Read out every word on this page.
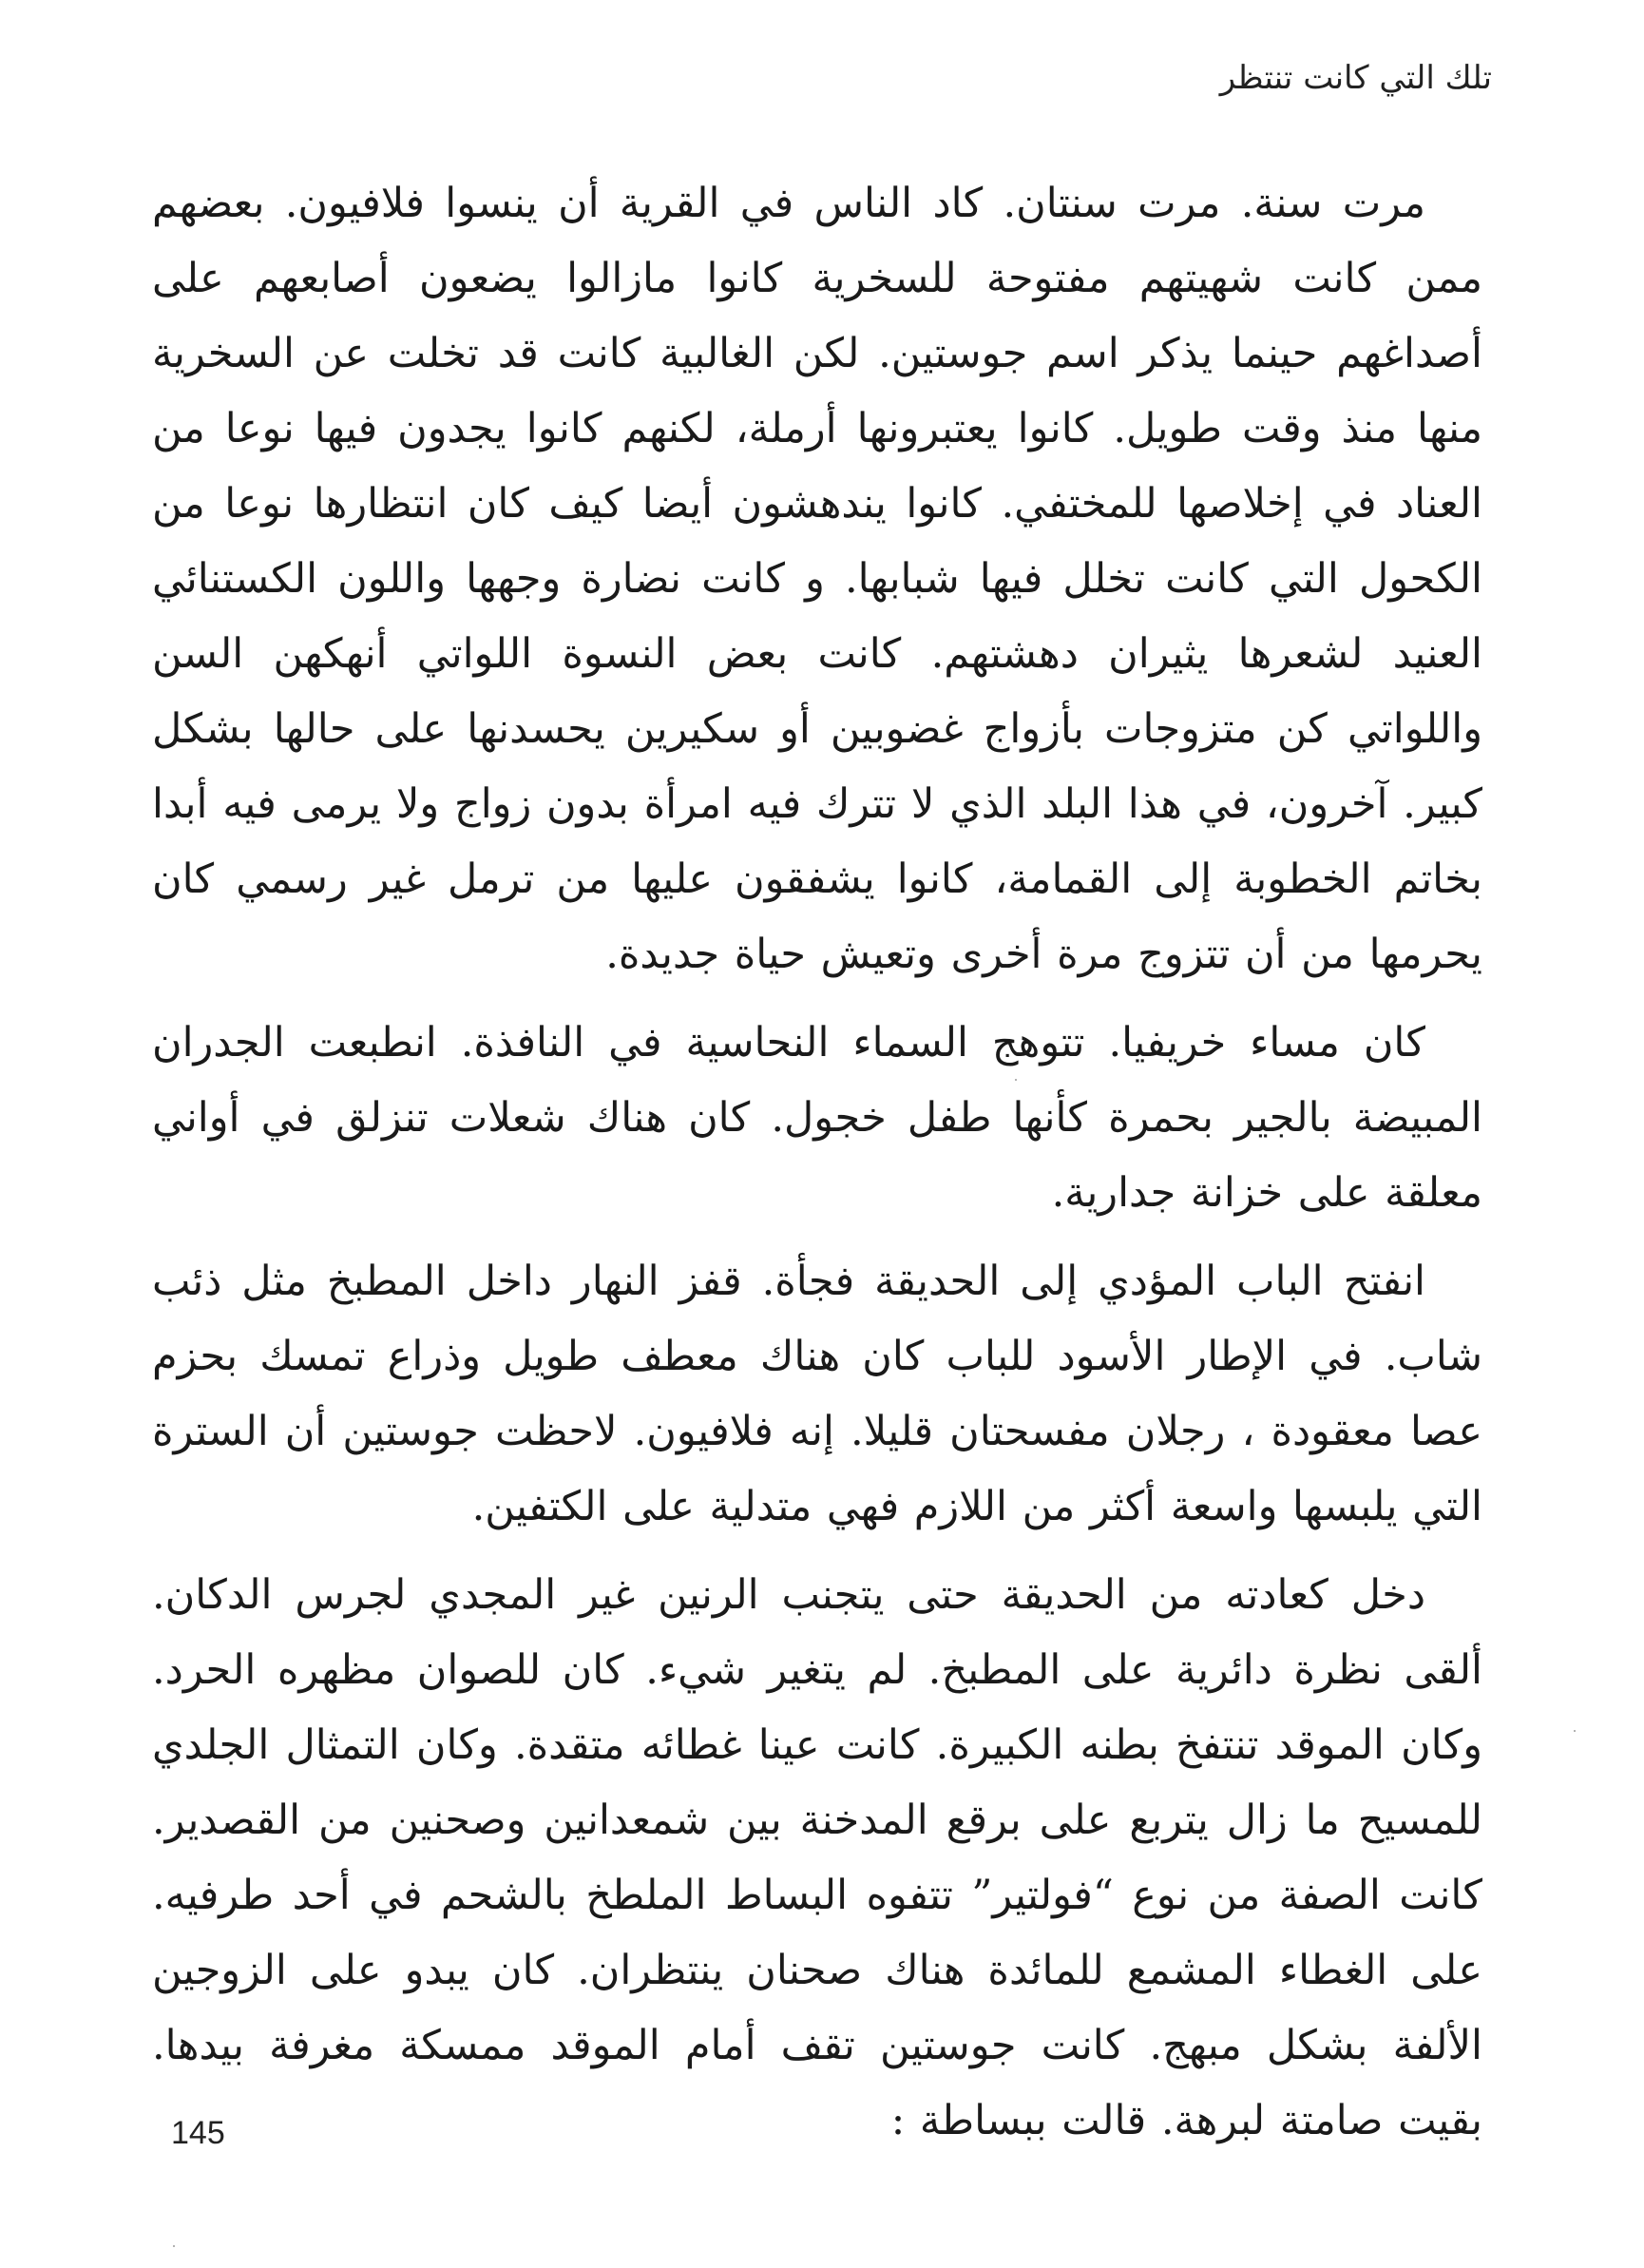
تلك التي كانت تنتظر

مرت سنة. مرت سنتان. كاد الناس في القرية أن ينسوا فلافيون. بعضهم ممن كانت شهيتهم مفتوحة للسخرية كانوا مازالوا يضعون أصابعهم على أصداغهم حينما يذكر اسم جوستين. لكن الغالبية كانت قد تخلت عن السخرية منها منذ وقت طويل. كانوا يعتبرونها أرملة، لكنهم كانوا يجدون فيها نوعا من العناد في إخلاصها للمختفي. كانوا يندهشون أيضا كيف كان انتظارها نوعا من الكحول التي كانت تخلل فيها شبابها. و كانت نضارة وجهها واللون الكستنائي العنيد لشعرها يثيران دهشتهم. كانت بعض النسوة اللواتي أنهكهن السن واللواتي كن متزوجات بأزواج غضوبين أو سكيرين يحسدنها على حالها بشكل كبير. آخرون، في هذا البلد الذي لا تترك فيه امرأة بدون زواج ولا يرمى فيه أبدا بخاتم الخطوبة إلى القمامة، كانوا يشفقون عليها من ترمل غير رسمي كان يحرمها من أن تتزوج مرة أخرى وتعيش حياة جديدة.

كان مساء خريفيا. تتوهج السماء النحاسية في النافذة. انطبعت الجدران المبيضة بالجير بحمرة كأنها طفل خجول. كان هناك شعلات تنزلق في أواني معلقة على خزانة جدارية.

انفتح الباب المؤدي إلى الحديقة فجأة. قفز النهار داخل المطبخ مثل ذئب شاب. في الإطار الأسود للباب كان هناك معطف طويل وذراع تمسك بحزم عصا معقودة ، رجلان مفسحتان قليلا. إنه فلافيون. لاحظت جوستين أن السترة التي يلبسها واسعة أكثر من اللازم فهي متدلية على الكتفين.

دخل كعادته من الحديقة حتى يتجنب الرنين غير المجدي لجرس الدكان. ألقى نظرة دائرية على المطبخ. لم يتغير شيء. كان للصوان مظهره الحرد. وكان الموقد تنتفخ بطنه الكبيرة. كانت عينا غطائه متقدة. وكان التمثال الجلدي للمسيح ما زال يتربع على برقع المدخنة بين شمعدانين وصحنين من القصدير. كانت الصفة من نوع “فولتير” تتفوه البساط الملطخ بالشحم في أحد طرفيه. على الغطاء المشمع للمائدة هناك صحنان ينتظران. كان يبدو على الزوجين الألفة بشكل مبهج. كانت جوستين تقف أمام الموقد ممسكة مغرفة بيدها. بقيت صامتة لبرهة. قالت ببساطة :

145
